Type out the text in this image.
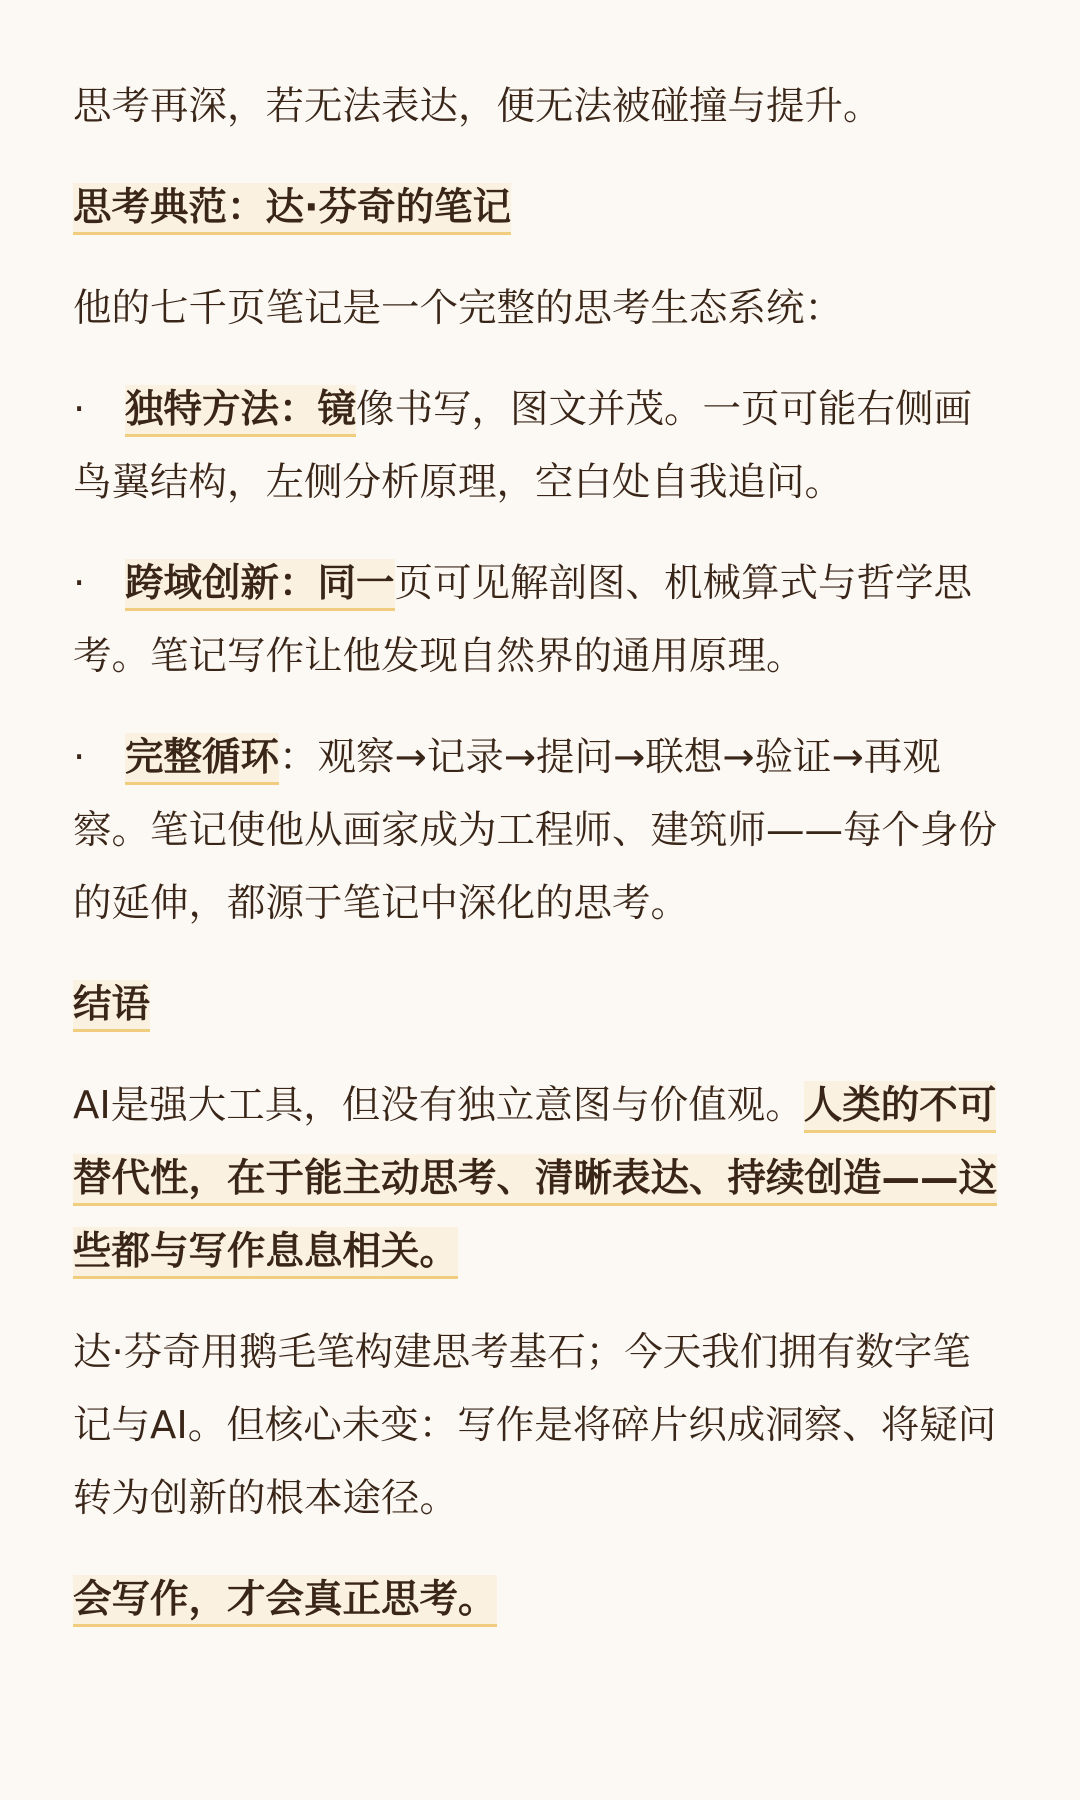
思考再深，若无法表达，便无法被碰撞与提升。

思考典范：达·芬奇的笔记

他的七千页笔记是一个完整的思考生态系统：

· 独特方法：镜像书写，图文并茂。一页可能右侧画鸟翼结构，左侧分析原理，空白处自我追问。

· 跨域创新：同一页可见解剖图、机械算式与哲学思考。笔记写作让他发现自然界的通用原理。

· 完整循环：观察→记录→提问→联想→验证→再观察。笔记使他从画家成为工程师、建筑师——每个身份的延伸，都源于笔记中深化的思考。

结语

AI是强大工具，但没有独立意图与价值观。人类的不可替代性，在于能主动思考、清晰表达、持续创造——这些都与写作息息相关。

达·芬奇用鹅毛笔构建思考基石；今天我们拥有数字笔记与AI。但核心未变：写作是将碎片织成洞察、将疑问转为创新的根本途径。

会写作，才会真正思考。
